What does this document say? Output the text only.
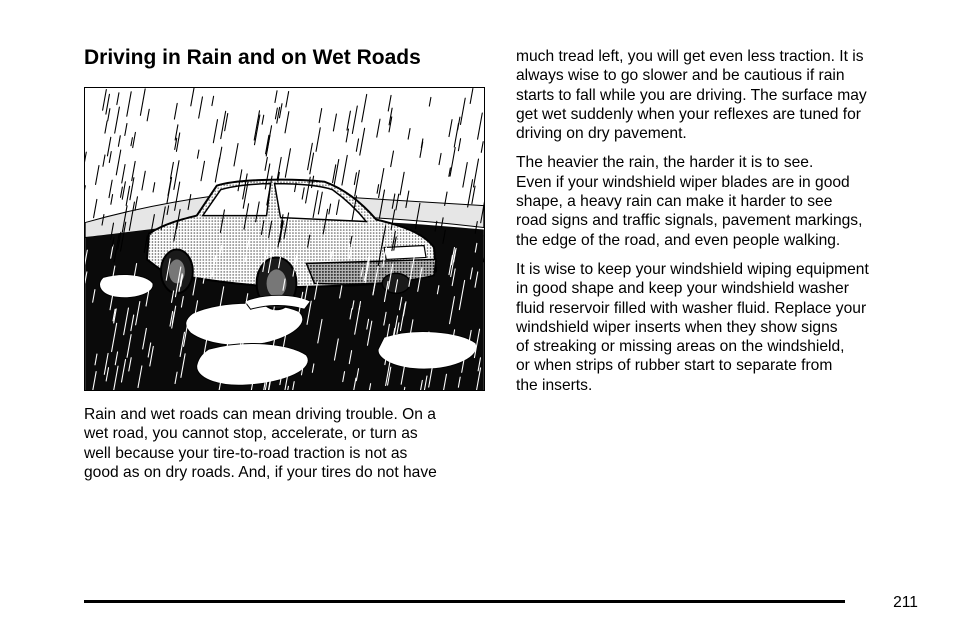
Driving in Rain and on Wet Roads

Rain and wet roads can mean driving trouble. On a
wet road, you cannot stop, accelerate, or turn as
well because your tire-to-road traction is not as
good as on dry roads. And, if your tires do not have

much tread left, you will get even less traction. It is
always wise to go slower and be cautious if rain
starts to fall while you are driving. The surface may
get wet suddenly when your reflexes are tuned for
driving on dry pavement.

The heavier the rain, the harder it is to see.
Even if your windshield wiper blades are in good
shape, a heavy rain can make it harder to see
road signs and traffic signals, pavement markings,
the edge of the road, and even people walking.

It is wise to keep your windshield wiping equipment
in good shape and keep your windshield washer
fluid reservoir filled with washer fluid. Replace your
windshield wiper inserts when they show signs
of streaking or missing areas on the windshield,
or when strips of rubber start to separate from
the inserts.

211
